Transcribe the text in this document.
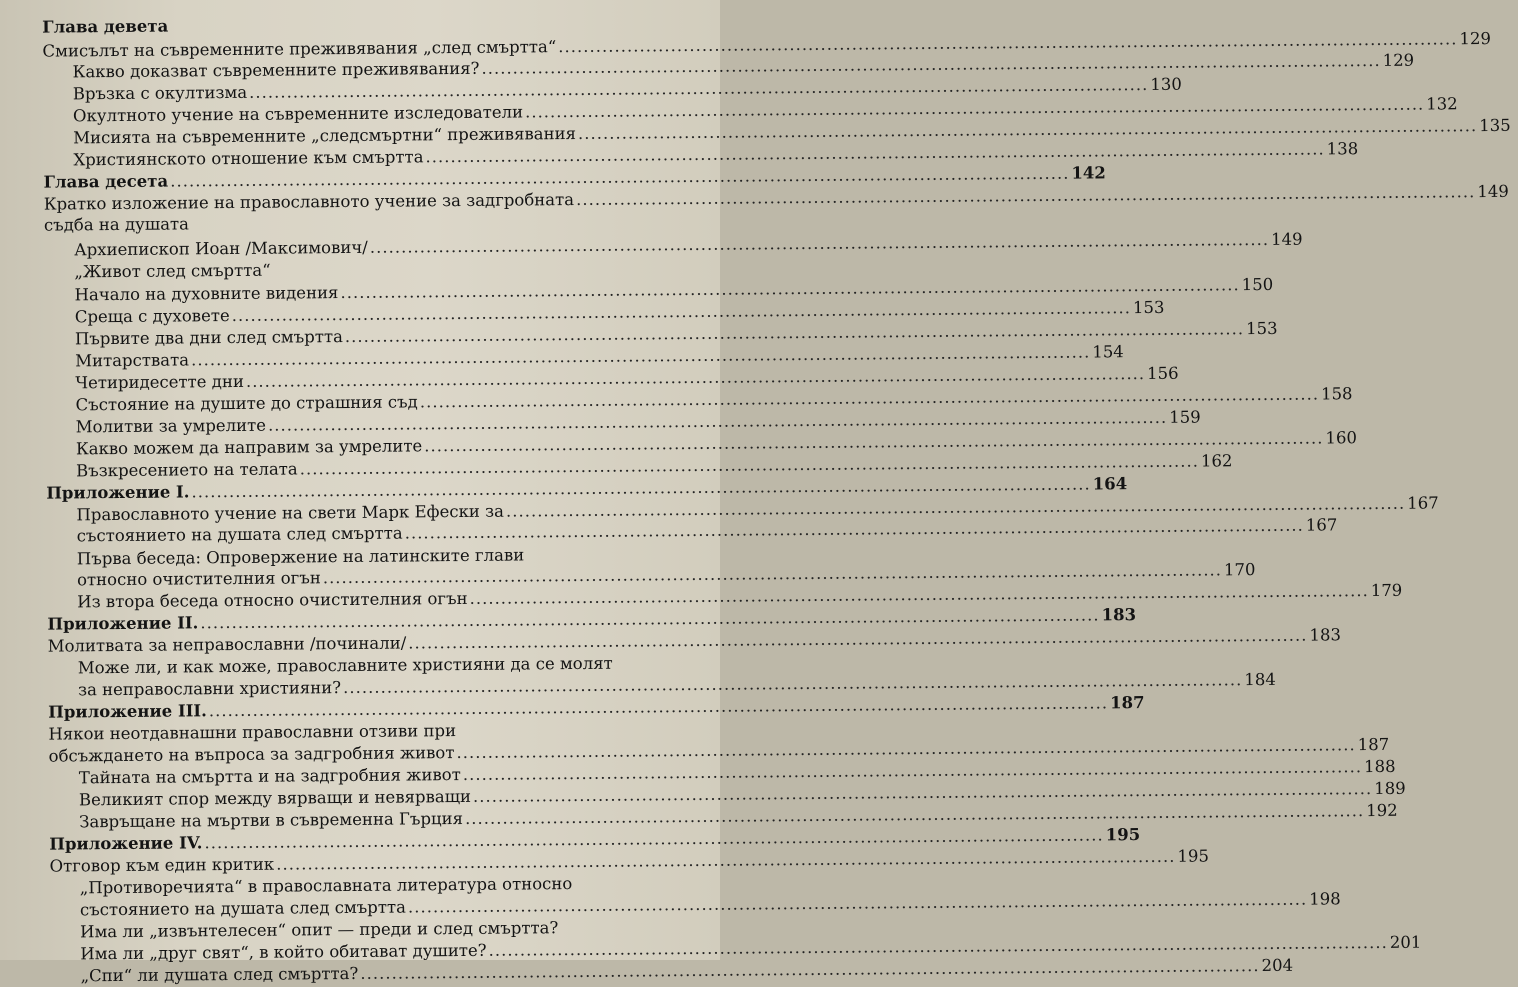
Глава девета
Смисълът на съвременните преживявания „след смъртта“ .....	129
Какво доказват съвременните преживявания? .....	129
Връзка с окултизма .....	130
Окултното учение на съвременните изследователи .....	132
Мисията на съвременните „следсмъртни“ преживявания .....	135
Християнското отношение към смъртта .....	138
Глава десета .....	142
Кратко изложение на православното учение за задгробната .....	149
съдба на душата
Архиепископ Иоан /Максимович/ .....	149
„Живот след смъртта“
Начало на духовните видения .....	150
Среща с духовете .....	153
Първите два дни след смъртта .....	153
Митарствата .....	154
Четиридесетте дни .....	156
Състояние на душите до страшния съд .....	158
Молитви за умрелите .....	159
Какво можем да направим за умрелите .....	160
Възкресението на телата .....	162
Приложение I. .....	164
Православното учение на свети Марк Ефески за .....	167
състоянието на душата след смъртта .....	167
Първа беседа: Опровержение на латинските глави
относно очистителния огън .....	170
Из втора беседа относно очистителния огън .....	179
Приложение II. .....	183
Молитвата за неправославни /починали/ .....	183
Може ли, и как може, православните християни да се молят
за неправославни християни? .....	184
Приложение III. .....	187
Някои неотдавнашни православни отзиви при
обсъждането на въпроса за задгробния живот .....	187
Тайната на смъртта и на задгробния живот .....	188
Великият спор между вярващи и невярващи .....	189
Завръщане на мъртви в съвременна Гърция .....	192
Приложение IV. .....	195
Отговор към един критик .....	195
„Противоречията“ в православната литература относно
състоянието на душата след смъртта .....	198
Има ли „извънтелесен“ опит — преди и след смъртта?
Има ли „друг свят“, в който обитават душите? .....	201
„Спи“ ли душата след смъртта? .....	204
